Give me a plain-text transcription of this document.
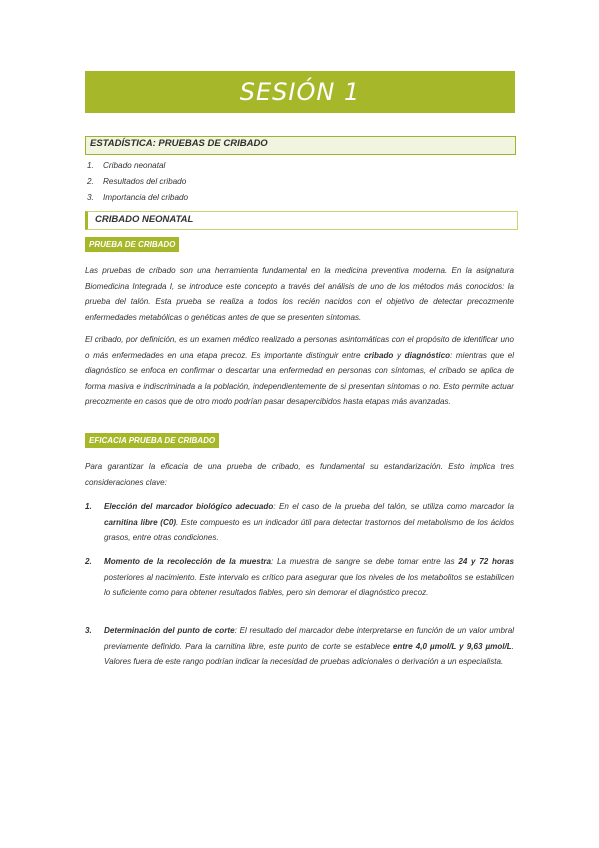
SESIÓN 1
ESTADÍSTICA: PRUEBAS DE CRIBADO
1.	Cribado neonatal
2.	Resultados del cribado
3.	Importancia del cribado
CRIBADO NEONATAL
PRUEBA DE CRIBADO
Las pruebas de cribado son una herramienta fundamental en la medicina preventiva moderna. En la asignatura Biomedicina Integrada I, se introduce este concepto a través del análisis de uno de los métodos más conocidos: la prueba del talón. Esta prueba se realiza a todos los recién nacidos con el objetivo de detectar precozmente enfermedades metabólicas o genéticas antes de que se presenten síntomas.
El cribado, por definición, es un examen médico realizado a personas asintomáticas con el propósito de identificar uno o más enfermedades en una etapa precoz. Es importante distinguir entre cribado y diagnóstico: mientras que el diagnóstico se enfoca en confirmar o descartar una enfermedad en personas con síntomas, el cribado se aplica de forma masiva e indiscriminada a la población, independientemente de si presentan síntomas o no. Esto permite actuar precozmente en casos que de otro modo podrían pasar desapercibidos hasta etapas más avanzadas.
EFICACIA PRUEBA DE CRIBADO
Para garantizar la eficacia de una prueba de cribado, es fundamental su estandarización. Esto implica tres consideraciones clave:
1.	Elección del marcador biológico adecuado: En el caso de la prueba del talón, se utiliza como marcador la carnitina libre (C0). Este compuesto es un indicador útil para detectar trastornos del metabolismo de los ácidos grasos, entre otras condiciones.
2.	Momento de la recolección de la muestra: La muestra de sangre se debe tomar entre las 24 y 72 horas posteriores al nacimiento. Este intervalo es crítico para asegurar que los niveles de los metabolitos se estabilicen lo suficiente como para obtener resultados fiables, pero sin demorar el diagnóstico precoz.
3.	Determinación del punto de corte: El resultado del marcador debe interpretarse en función de un valor umbral previamente definido. Para la carnitina libre, este punto de corte se establece entre 4,0 µmol/L y 9,63 µmol/L. Valores fuera de este rango podrían indicar la necesidad de pruebas adicionales o derivación a un especialista.
